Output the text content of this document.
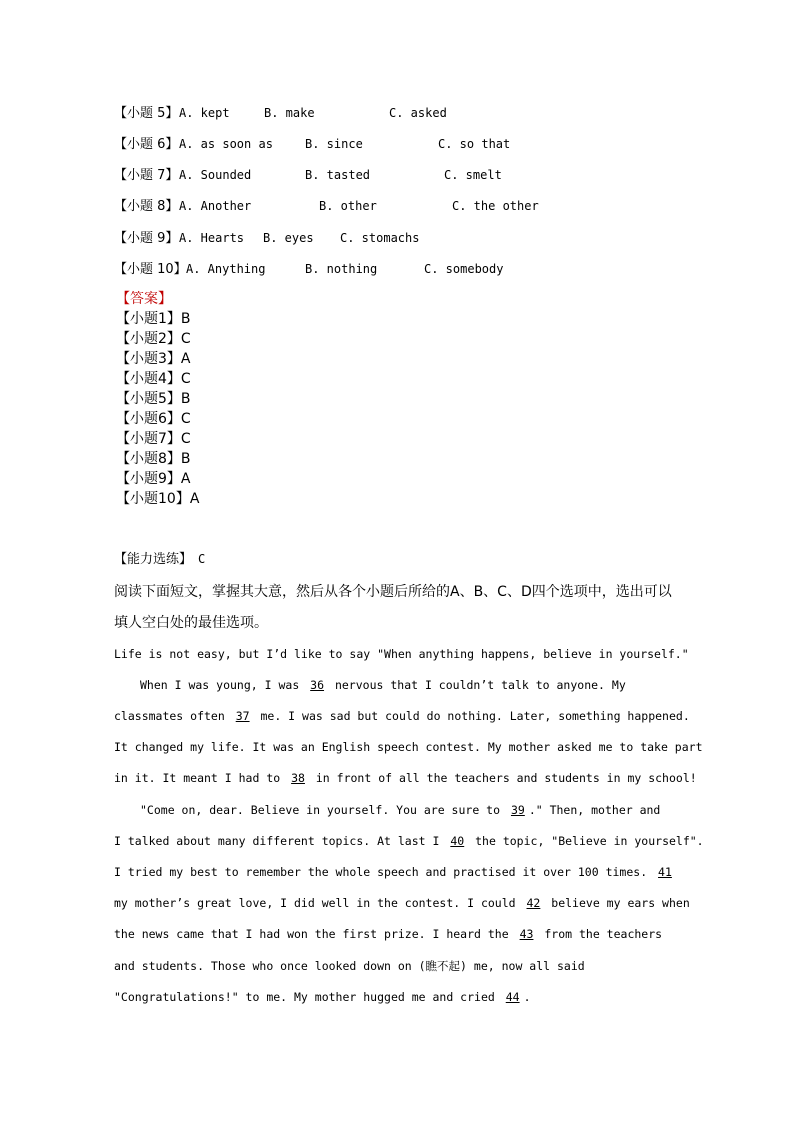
【小题 5】 A. kept	B. make	C. asked
【小题 6】 A. as soon as	B. since	C. so that
【小题 7】 A. Sounded	B. tasted	C. smelt
【小题 8】 A. Another	B. other	C. the other
【小题 9】 A. Hearts B. eyes C. stomachs
【小题 10】 A. Anything	B. nothing	C. somebody
【答案】
【小题1】B
【小题2】C
【小题3】A
【小题4】C
【小题5】B
【小题6】C
【小题7】C
【小题8】B
【小题9】A
【小题10】A
【能力选练】 C
阅读下面短文，掌握其大意，然后从各个小题后所给的A、B、C、D四个选项中，选出可以填人空白处的最佳选项。
Life is not easy, but I’d like to say "When anything happens, believe in yourself."
When I was young, I was 36 nervous that I couldn’t talk to anyone. My
classmates often 37 me. I was sad but could do nothing. Later, something happened.
It changed my life. It was an English speech contest. My mother asked me to take part
in it. It meant I had to 38 in front of all the teachers and students in my school!
"Come on, dear. Believe in yourself. You are sure to 39 ." Then, mother and
I talked about many different topics. At last I 40 the topic, "Believe in yourself".
I tried my best to remember the whole speech and practised it over 100 times. 41
my mother’s great love, I did well in the contest. I could 42 believe my ears when
the news came that I had won the first prize. I heard the 43 from the teachers
and students. Those who once looked down on (瞧不起) me, now all said
"Congratulations!" to me. My mother hugged me and cried 44 .
